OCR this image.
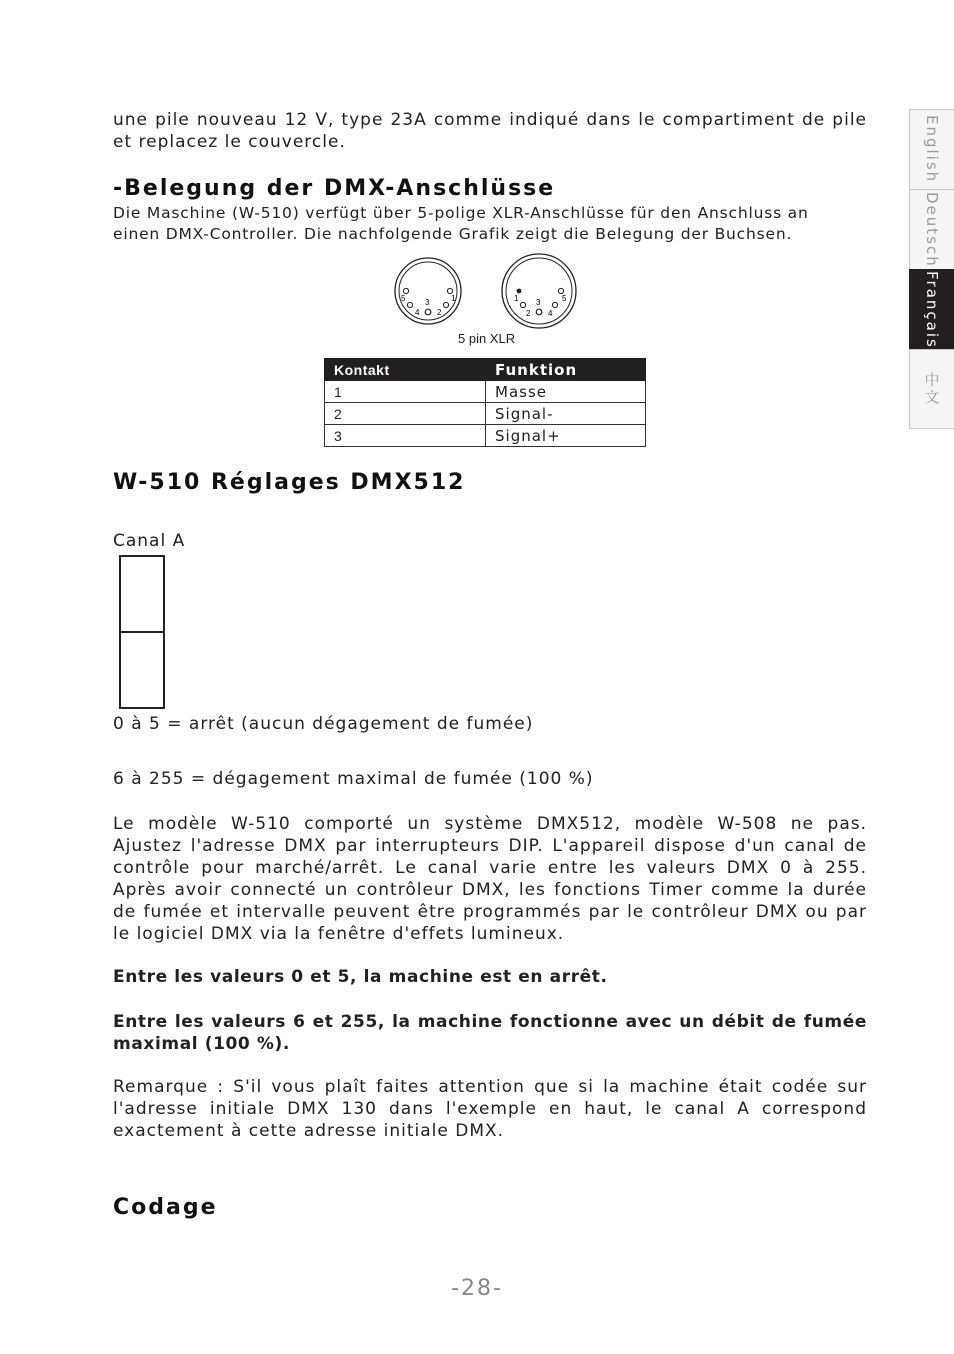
English
Deutsch
Français
中文

une pile nouveau 12 V, type 23A comme indiqué dans le compartiment de pile et replacez le couvercle.

-Belegung der DMX-Anschlüsse

Die Maschine (W-510) verfügt über 5-polige XLR-Anschlüsse für den Anschluss an einen DMX-Controller. Die nachfolgende Grafik zeigt die Belegung der Buchsen.

5 3	1
4 2
1 3	5
2 4
5 pin XLR
Kontakt	Funktion
1	Masse
2	Signal-
3	Signal+
W-510 Réglages DMX512
Canal A
0 à 5 = arrêt (aucun dégagement de fumée)
6 à 255 = dégagement maximal de fumée (100 %)

Le modèle W-510 comporté un système DMX512, modèle W-508 ne pas. Ajustez l'adresse DMX par interrupteurs DIP. L'appareil dispose d'un canal de contrôle pour marché/arrêt. Le canal varie entre les valeurs DMX 0 à 255. Après avoir connecté un contrôleur DMX, les fonctions Timer comme la durée de fumée et intervalle peuvent être programmés par le contrôleur DMX ou par le logiciel DMX via la fenêtre d'effets lumineux.

Entre les valeurs 0 et 5, la machine est en arrêt.

Entre les valeurs 6 et 255, la machine fonctionne avec un débit de fumée maximal (100 %).

Remarque : S'il vous plaît faites attention que si la machine était codée sur l'adresse initiale DMX 130 dans l'exemple en haut, le canal A correspond exactement à cette adresse initiale DMX.

Codage
-28-
